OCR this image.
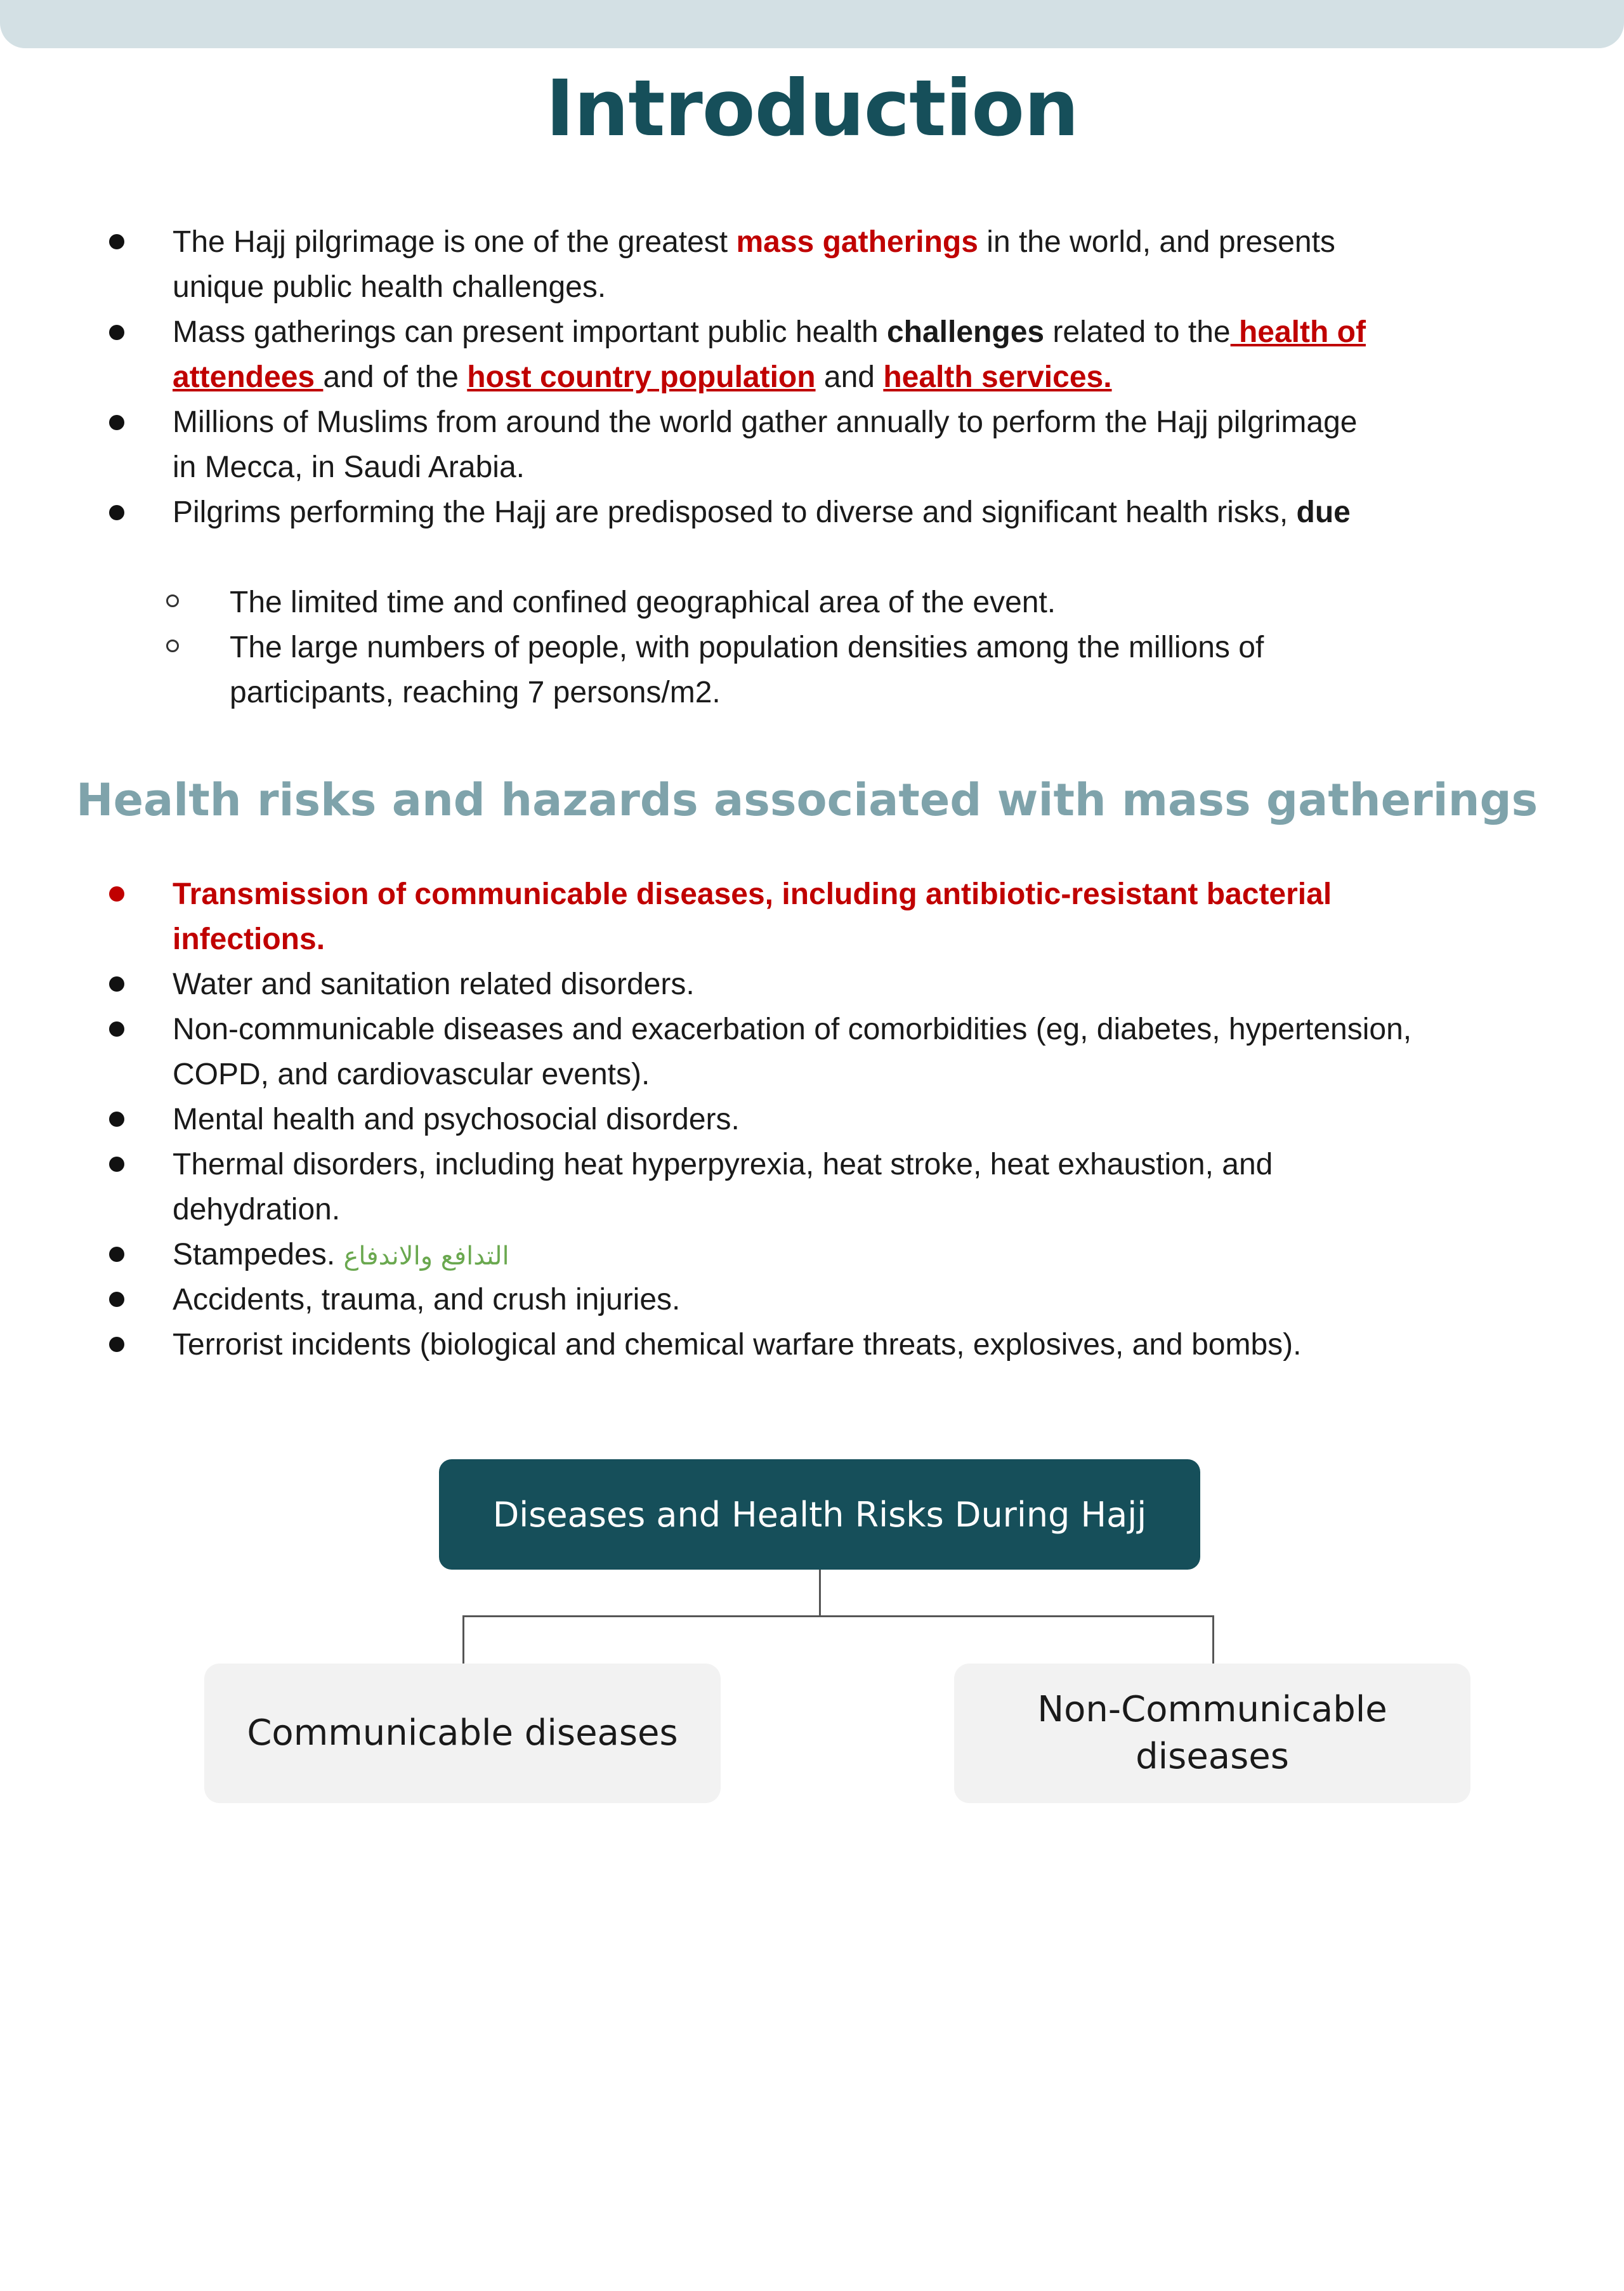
Introduction
The Hajj pilgrimage is one of the greatest mass gatherings in the world, and presents
unique public health challenges.
Mass gatherings can present important public health challenges related to the health of
attendees and of the host country population and health services.
Millions of Muslims from around the world gather annually to perform the Hajj pilgrimage
in Mecca, in Saudi Arabia.
Pilgrims performing the Hajj are predisposed to diverse and significant health risks, due
The limited time and confined geographical area of the event.
The large numbers of people, with population densities among the millions of
participants, reaching 7 persons/m2.
Health risks and hazards associated with mass gatherings
Transmission of communicable diseases, including antibiotic-resistant bacterial
infections.
Water and sanitation related disorders.
Non-communicable diseases and exacerbation of comorbidities (eg, diabetes, hypertension,
COPD, and cardiovascular events).
Mental health and psychosocial disorders.
Thermal disorders, including heat hyperpyrexia, heat stroke, heat exhaustion, and
dehydration.
Stampedes. التدافع والاندفاع
Accidents, trauma, and crush injuries.
Terrorist incidents (biological and chemical warfare threats, explosives, and bombs).
Diseases and Health Risks During Hajj
Communicable diseases
Non-Communicable diseases
